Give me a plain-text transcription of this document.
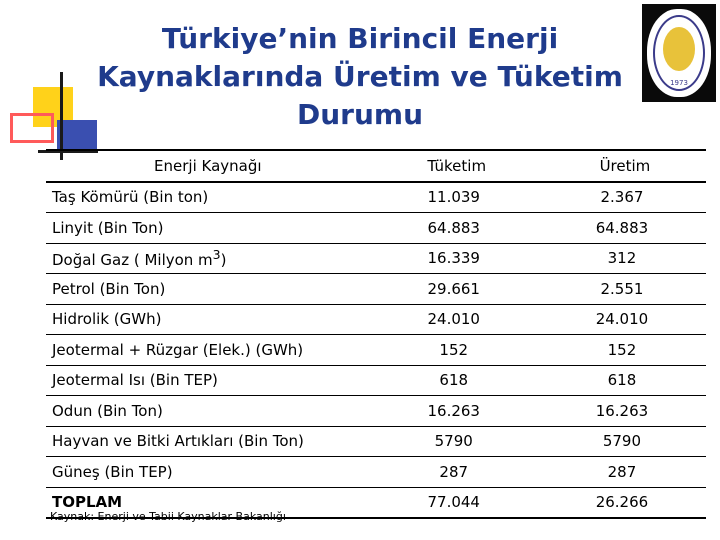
Türkiye’nin Birincil Enerji
Kaynaklarında Üretim ve Tüketim
Durumu
1973
Enerji Kaynağı	Tüketim	Üretim
Taş Kömürü (Bin ton)	11.039	2.367
Linyit (Bin Ton)	64.883	64.883
Doğal Gaz ( Milyon $m^3$)	16.339	312
Petrol (Bin Ton)	29.661	2.551
Hidrolik (GWh)	24.010	24.010
Jeotermal + Rüzgar (Elek.) (GWh)	152	152
Jeotermal Isı (Bin TEP)	618	618
Odun (Bin Ton)	16.263	16.263
Hayvan ve Bitki Artıkları (Bin Ton)	5790	5790
Güneş (Bin TEP)	287	287
TOPLAM	77.044	26.266
Kaynak: Enerji ve Tabii Kaynaklar Bakanlığı
